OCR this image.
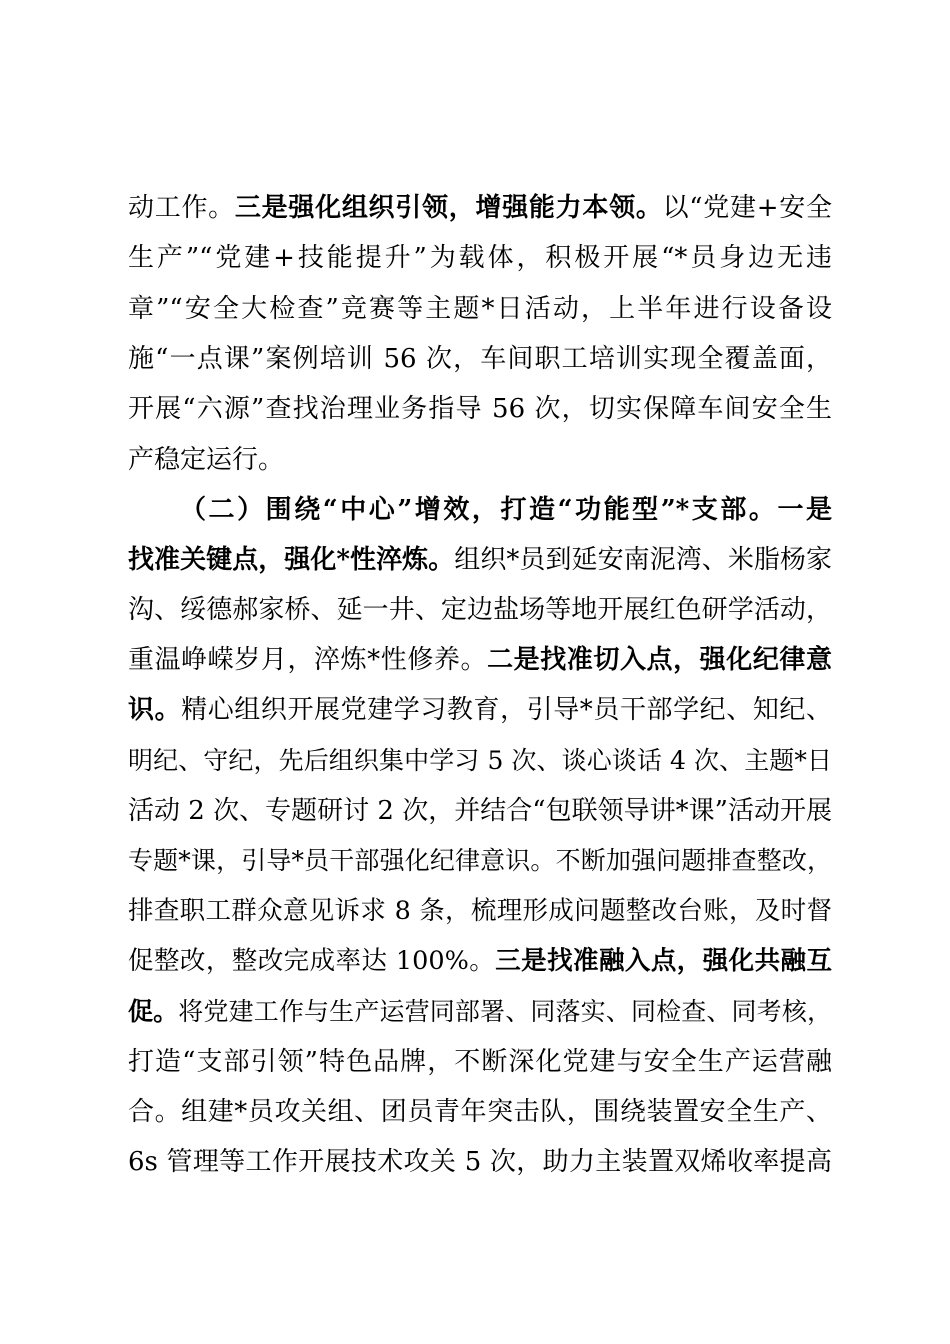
动工作。三是强化组织引领，增强能力本领。以“党建+安全
生产”“党建+技能提升”为载体，积极开展“*员身边无违
章”“安全大检查”竞赛等主题*日活动，上半年进行设备设
施“一点课”案例培训 56 次，车间职工培训实现全覆盖面，
开展“六源”查找治理业务指导 56 次，切实保障车间安全生
产稳定运行。
（二）围绕“中心”增效，打造“功能型”*支部。一是
找准关键点，强化*性淬炼。组织*员到延安南泥湾、米脂杨家
沟、绥德郝家桥、延一井、定边盐场等地开展红色研学活动，
重温峥嵘岁月，淬炼*性修养。二是找准切入点，强化纪律意
识。精心组织开展党建学习教育，引导*员干部学纪、知纪、
明纪、守纪，先后组织集中学习 5 次、谈心谈话 4 次、主题*日
活动 2 次、专题研讨 2 次，并结合“包联领导讲*课”活动开展
专题*课，引导*员干部强化纪律意识。不断加强问题排查整改，
排查职工群众意见诉求 8 条，梳理形成问题整改台账，及时督
促整改，整改完成率达 100%。三是找准融入点，强化共融互
促。将党建工作与生产运营同部署、同落实、同检查、同考核，
打造“支部引领”特色品牌，不断深化党建与安全生产运营融
合。组建*员攻关组、团员青年突击队，围绕装置安全生产、
6s 管理等工作开展技术攻关 5 次，助力主装置双烯收率提高
